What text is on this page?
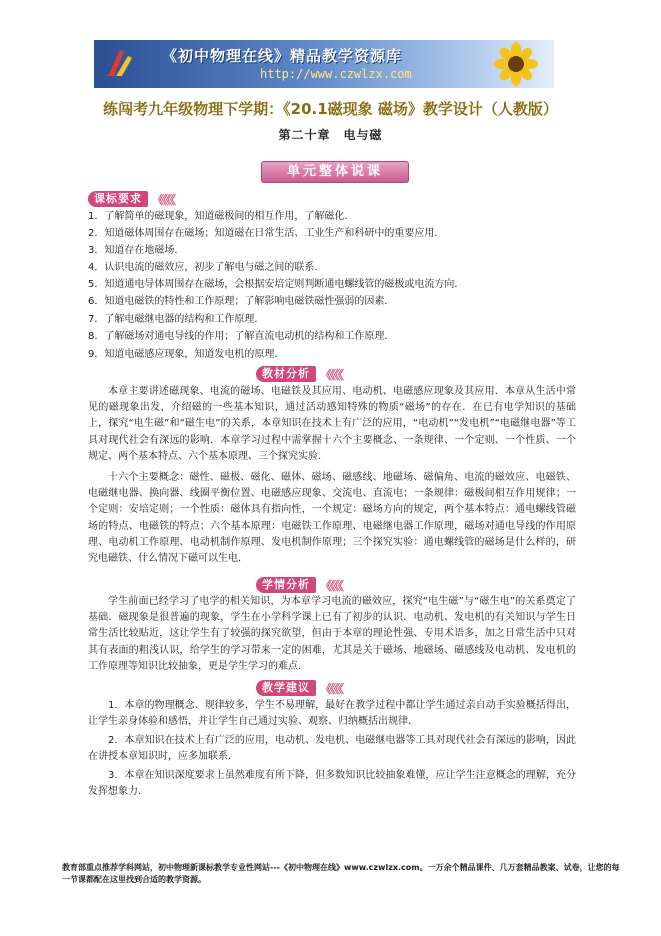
《初中物理在线》精品教学资源库
http://www.czwlzx.com
练闯考九年级物理下学期：《20.1磁现象 磁场》教学设计（人教版）
第二十章　电与磁
单元整体说课
课标要求 《《《《
1．了解简单的磁现象，知道磁极间的相互作用，了解磁化．
2．知道磁体周围存在磁场；知道磁在日常生活、工业生产和科研中的重要应用．
3．知道存在地磁场．
4．认识电流的磁效应，初步了解电与磁之间的联系．
5．知道通电导体周围存在磁场，会根据安培定则判断通电螺线管的磁极或电流方向．
6．知道电磁铁的特性和工作原理；了解影响电磁铁磁性强弱的因素．
7．了解电磁继电器的结构和工作原理．
8．了解磁场对通电导线的作用；了解直流电动机的结构和工作原理．
9．知道电磁感应现象，知道发电机的原理．
教材分析 《《《《
本章主要讲述磁现象、电流的磁场、电磁铁及其应用、电动机、电磁感应现象及其应用．本章从生活中常见的磁现象出发，介绍磁的一些基本知识，通过活动感知特殊的物质“磁场”的存在．在已有电学知识的基础上，探究“电生磁”和“磁生电”的关系，本章知识在技术上有广泛的应用，“电动机”“发电机”“电磁继电器”等工具对现代社会有深远的影响．本章学习过程中需掌握十六个主要概念、一条规律、一个定则、一个性质、一个规定、两个基本特点、六个基本原理、三个探究实验．
十六个主要概念：磁性、磁极、磁化、磁体、磁场、磁感线、地磁场、磁偏角、电流的磁效应、电磁铁、电磁继电器、换向器、线圈平衡位置、电磁感应现象、交流电、直流电；一条规律：磁极间相互作用规律；一个定则：安培定则；一个性质：磁体具有指向性，一个规定：磁场方向的规定，两个基本特点：通电螺线管磁场的特点、电磁铁的特点；六个基本原理：电磁铁工作原理、电磁继电器工作原理，磁场对通电导线的作用原理、电动机工作原理、电动机制作原理、发电机制作原理；三个探究实验：通电螺线管的磁场是什么样的，研究电磁铁、什么情况下磁可以生电．
学情分析 《《《《
学生前面已经学习了电学的相关知识，为本章学习电流的磁效应，探究“电生磁”与“磁生电”的关系奠定了基础．磁现象是很普遍的现象，学生在小学科学课上已有了初步的认识．电动机、发电机的有关知识与学生日常生活比较贴近，这让学生有了较强的探究欲望，但由于本章的理论性强、专用术语多，加之日常生活中只对其有表面的粗浅认识，给学生的学习带来一定的困难，尤其是关于磁场、地磁场、磁感线及电动机、发电机的工作原理等知识比较抽象，更是学生学习的难点．
教学建议 《《《《
1．本章的物理概念、规律较多，学生不易理解，最好在教学过程中都让学生通过亲自动手实验概括得出，让学生亲身体验和感悟，并让学生自己通过实验、观察、归纳概括出规律．
2．本章知识在技术上有广泛的应用，电动机、发电机、电磁继电器等工具对现代社会有深远的影响，因此在讲授本章知识时，应多加联系．
3．本章在知识深度要求上虽然难度有所下降，但多数知识比较抽象难懂，应让学生注意概念的理解，充分发挥想象力．
教育部重点推荐学科网站，初中物理新课标教学专业性网站---《初中物理在线》www.czwlzx.com。一万余个精品课件、几万套精品教案、试卷，让您的每一节课都配在这里找到合适的教学资源。
